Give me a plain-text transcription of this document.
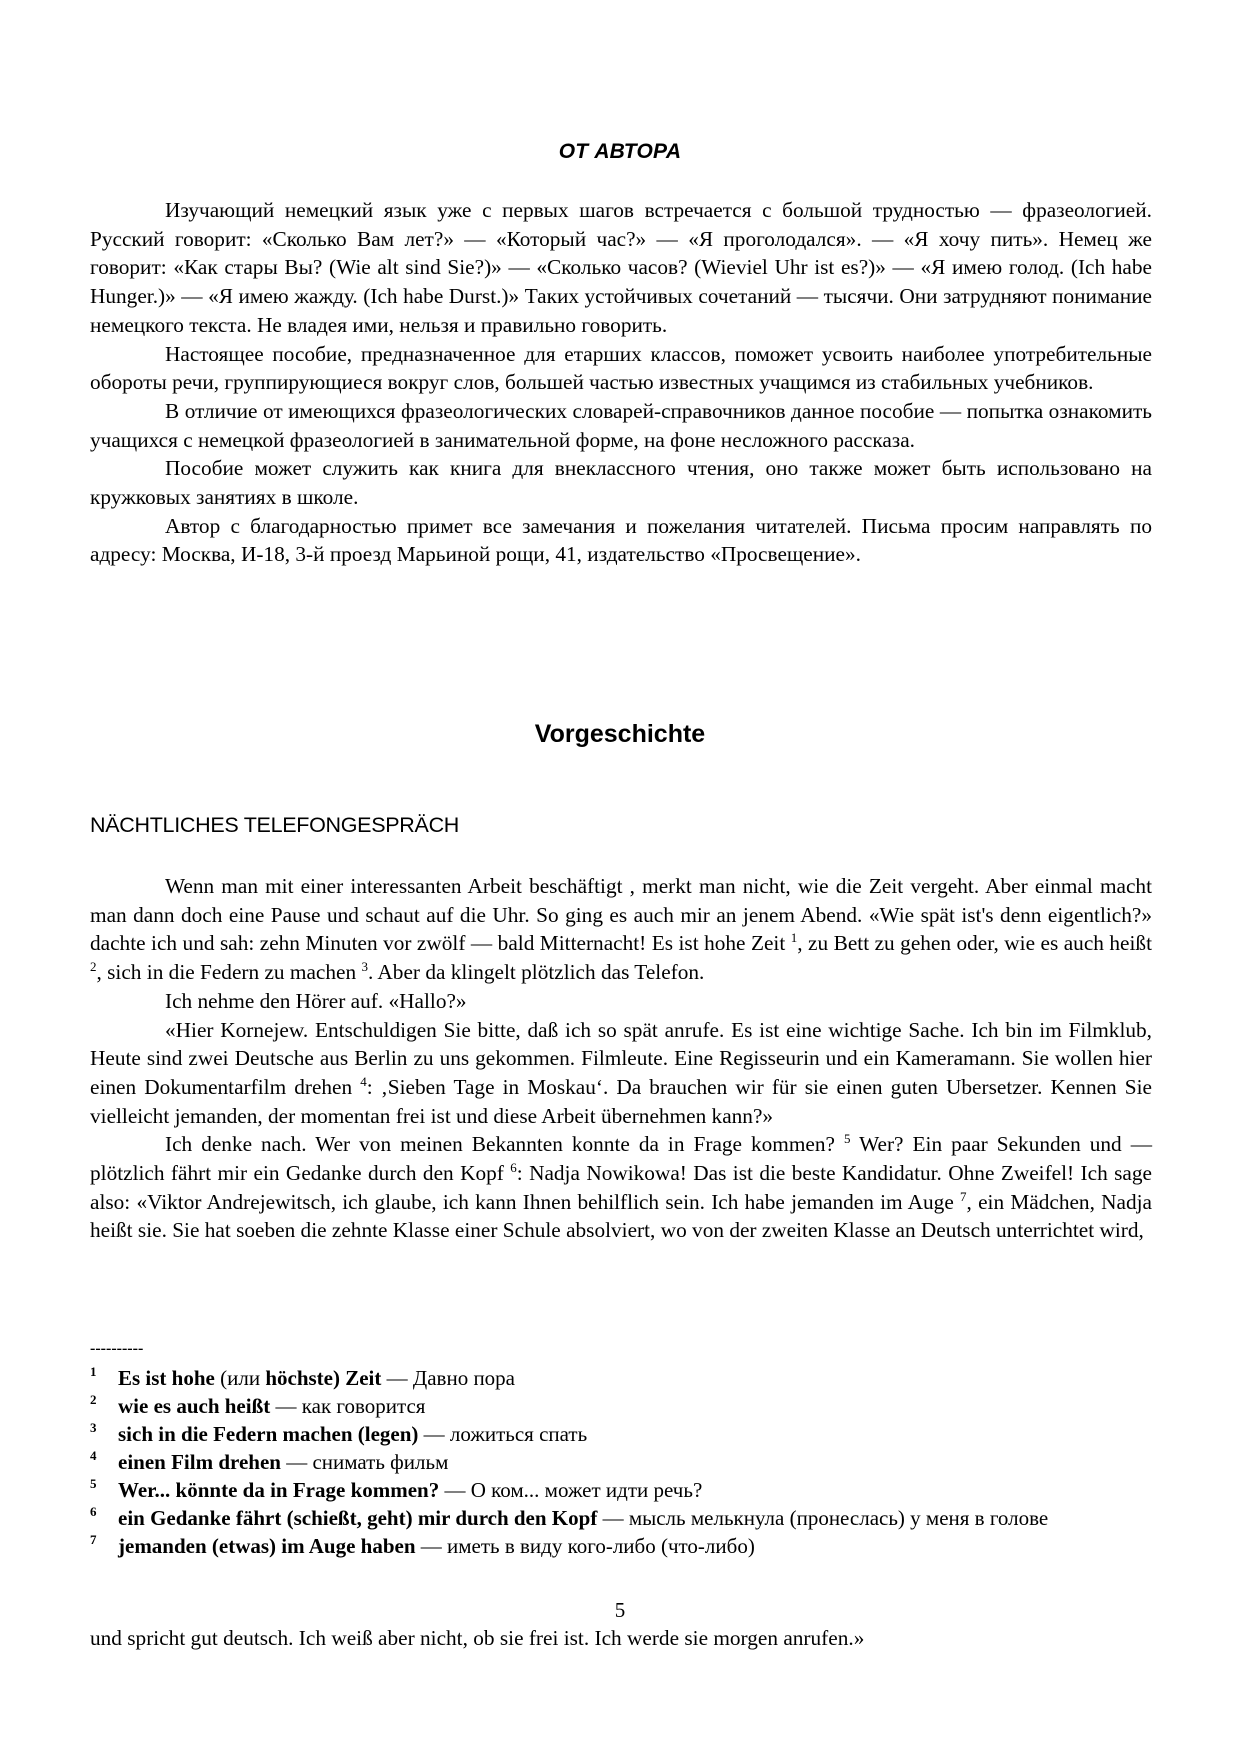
ОТ АВТОРА

Изучающий немецкий язык уже с первых шагов встречается с большой трудностью — фразеологией. Русский говорит: «Сколько Вам лет?» — «Который час?» — «Я проголодался». — «Я хочу пить». Немец же говорит: «Как стары Вы? (Wie alt sind Sie?)» — «Сколько часов? (Wieviel Uhr ist es?)» — «Я имею голод. (Ich habe Hunger.)» — «Я имею жажду. (Ich habe Durst.)» Таких устойчивых сочетаний — тысячи. Они затрудняют понимание немецкого текста. Не владея ими, нельзя и правильно говорить.

Настоящее пособие, предназначенное для етарших классов, поможет усвоить наиболее употребительные обороты речи, группирующиеся вокруг слов, большей частью известных учащимся из стабильных учебников.

В отличие от имеющихся фразеологических словарей-справочников данное пособие — попытка ознакомить учащихся с немецкой фразеологией в занимательной форме, на фоне несложного рассказа.

Пособие может служить как книга для внеклассного чтения, оно также может быть использовано на кружковых занятиях в школе.

Автор с благодарностью примет все замечания и пожелания читателей. Письма просим направлять по адресу: Москва, И-18, 3-й проезд Марьиной рощи, 41, издательство «Просвещение».

Vorgeschichte
NÄCHTLICHES TELEFONGESPRÄCH

Wenn man mit einer interessanten Arbeit beschäftigt , merkt man nicht, wie die Zeit vergeht. Aber einmal macht man dann doch eine Pause und schaut auf die Uhr. So ging es auch mir an jenem Abend. «Wie spät ist's denn eigentlich?» dachte ich und sah: zehn Minuten vor zwölf — bald Mitternacht! Es ist hohe Zeit $^1$, zu Bett zu gehen oder, wie es auch heißt $^2$, sich in die Federn zu machen $^3$. Aber da klingelt plötzlich das Telefon.

Ich nehme den Hörer auf. «Hallo?»

«Hier Kornejew. Entschuldigen Sie bitte, daß ich so spät anrufe. Es ist eine wichtige Sache. Ich bin im Filmklub, Heute sind zwei Deutsche aus Berlin zu uns gekommen. Filmleute. Eine Regisseurin und ein Kameramann. Sie wollen hier einen Dokumentarfilm drehen $^4$: ‚Sieben Tage in Moskau‘. Da brauchen wir für sie einen guten Ubersetzer. Kennen Sie vielleicht jemanden, der momentan frei ist und diese Arbeit übernehmen kann?»

Ich denke nach. Wer von meinen Bekannten konnte da in Frage kommen? $^5$ Wer? Ein paar Sekunden und — plötzlich fährt mir ein Gedanke durch den Kopf $^6$: Nadja Nowikowa! Das ist die beste Kandidatur. Ohne Zweifel! Ich sage also: «Viktor Andrejewitsch, ich glaube, ich kann Ihnen behilflich sein. Ich habe jemanden im Auge $^7$, ein Mädchen, Nadja heißt sie. Sie hat soeben die zehnte Klasse einer Schule absolviert, wo von der zweiten Klasse an Deutsch unterrichtet wird,

----------
1 Es ist hohe (или höchste) Zeit — Давно пора
2 wie es auch heißt — как говорится
3 sich in die Federn machen (legen) — ложиться спать
4 einen Film drehen — снимать фильм
5 Wer... könnte da in Frage kommen? — О ком... может идти речь?
6 ein Gedanke fährt (schießt, geht) mir durch den Kopf — мысль мелькнула (пронеслась) у меня в голове
7 jemanden (etwas) im Auge haben — иметь в виду кого-либо (что-либо)
5
und spricht gut deutsch. Ich weiß aber nicht, ob sie frei ist. Ich werde sie morgen anrufen.»
